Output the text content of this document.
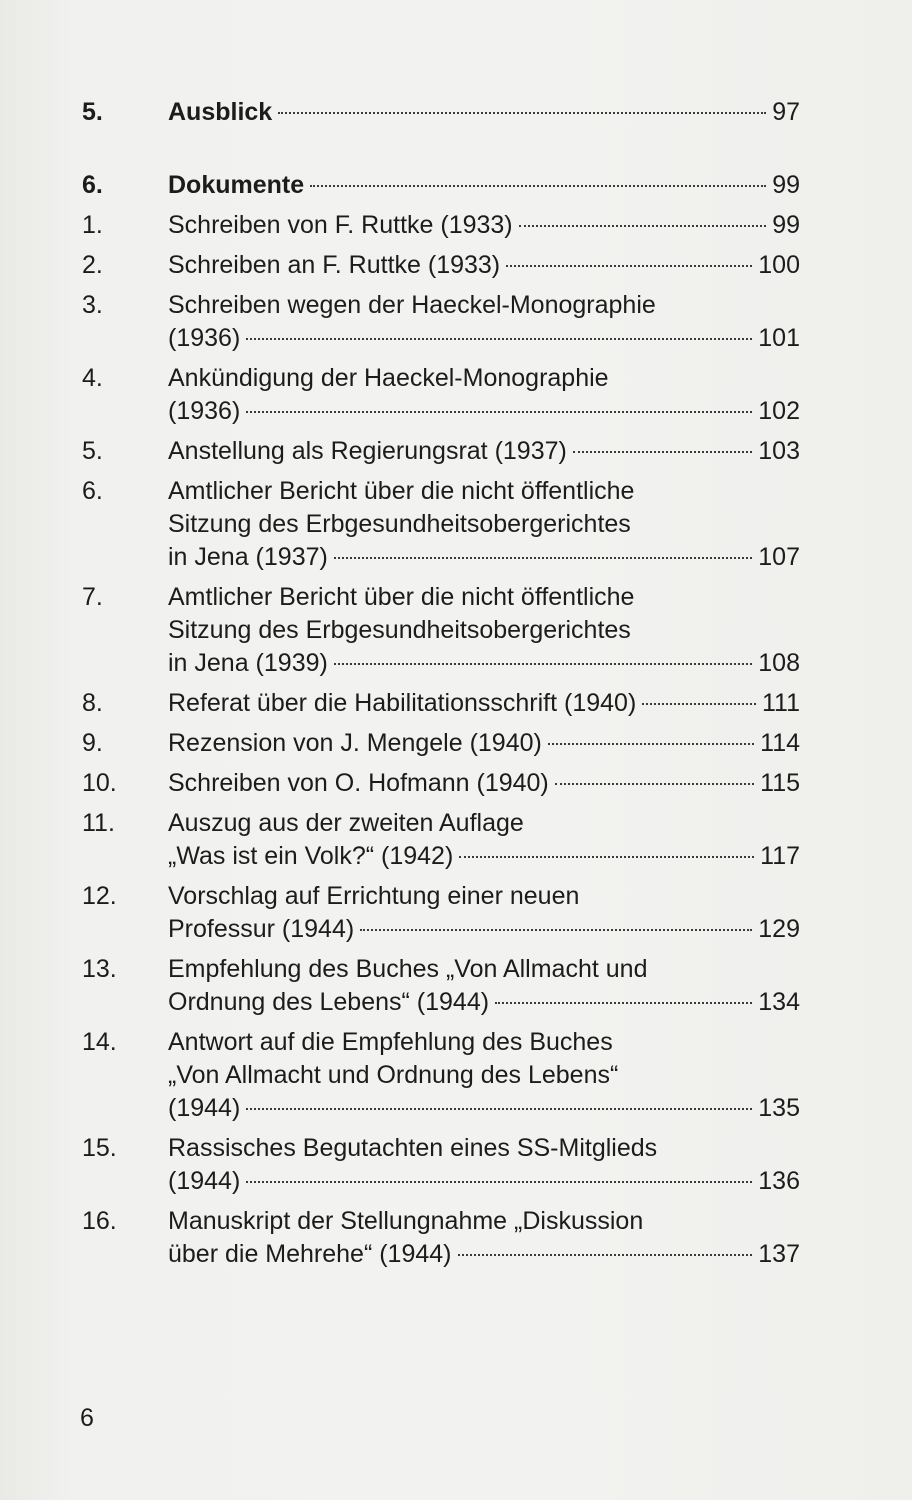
5.	Ausblick	97
6.	Dokumente	99
1.	Schreiben von F. Ruttke (1933)	99
2.	Schreiben an F. Ruttke (1933)	100
3.	Schreiben wegen der Haeckel-Monographie
(1936)	101
4.	Ankündigung der Haeckel-Monographie
(1936)	102
5.	Anstellung als Regierungsrat (1937)	103
6.	Amtlicher Bericht über die nicht öffentliche
Sitzung des Erbgesundheitsobergerichtes
in Jena (1937)	107
7.	Amtlicher Bericht über die nicht öffentliche
Sitzung des Erbgesundheitsobergerichtes
in Jena (1939)	108
8.	Referat über die Habilitationsschrift (1940)	111
9.	Rezension von J. Mengele (1940)	114
10.	Schreiben von O. Hofmann (1940)	115
11.	Auszug aus der zweiten Auflage
„Was ist ein Volk?“ (1942)	117
12.	Vorschlag auf Errichtung einer neuen
Professur (1944)	129
13.	Empfehlung des Buches „Von Allmacht und
Ordnung des Lebens“ (1944)	134
14.	Antwort auf die Empfehlung des Buches
„Von Allmacht und Ordnung des Lebens“
(1944)	135
15.	Rassisches Begutachten eines SS-Mitglieds
(1944)	136
16.	Manuskript der Stellungnahme „Diskussion
über die Mehrehe“ (1944)	137
6
